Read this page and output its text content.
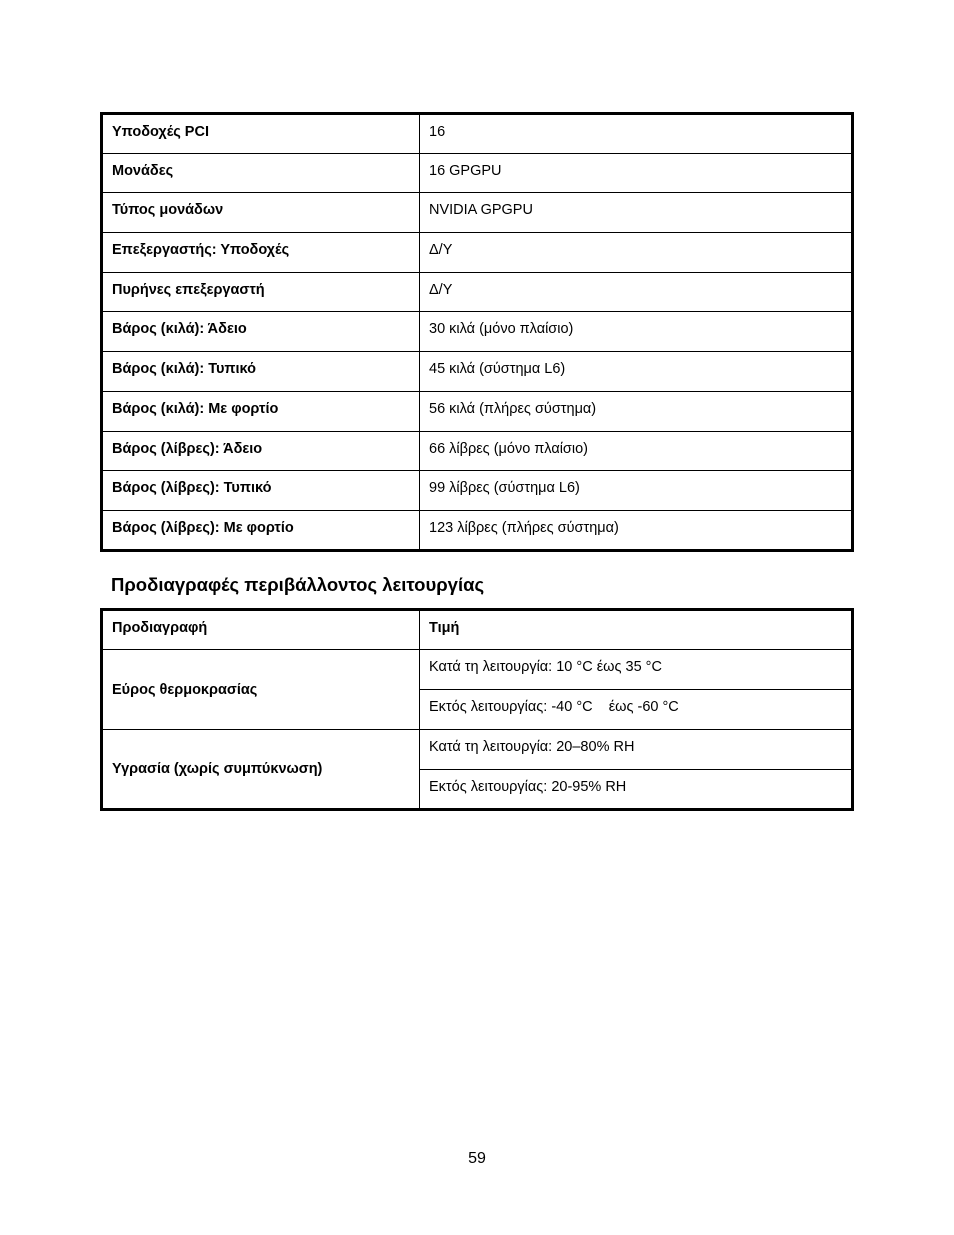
Υποδοχές PCI	16
Μονάδες	16 GPGPU
Τύπος μονάδων	NVIDIA GPGPU
Επεξεργαστής: Υποδοχές	Δ/Υ
Πυρήνες επεξεργαστή	Δ/Υ
Βάρος (κιλά): Άδειο	30 κιλά (μόνο πλαίσιο)
Βάρος (κιλά): Τυπικό	45 κιλά (σύστημα L6)
Βάρος (κιλά): Με φορτίο	56 κιλά (πλήρες σύστημα)
Βάρος (λίβρες): Άδειο	66 λίβρες (μόνο πλαίσιο)
Βάρος (λίβρες): Τυπικό	99 λίβρες (σύστημα L6)
Βάρος (λίβρες): Με φορτίο	123 λίβρες (πλήρες σύστημα)
Προδιαγραφές περιβάλλοντος λειτουργίας
Προδιαγραφή	Τιμή
Εύρος θερμοκρασίας	Κατά τη λειτουργία: 10 °C έως 35 °C
	Εκτός λειτουργίας: -40 °C    έως -60 °C
Υγρασία (χωρίς συμπύκνωση)	Κατά τη λειτουργία: 20–80% RH
	Εκτός λειτουργίας: 20-95% RH
59
